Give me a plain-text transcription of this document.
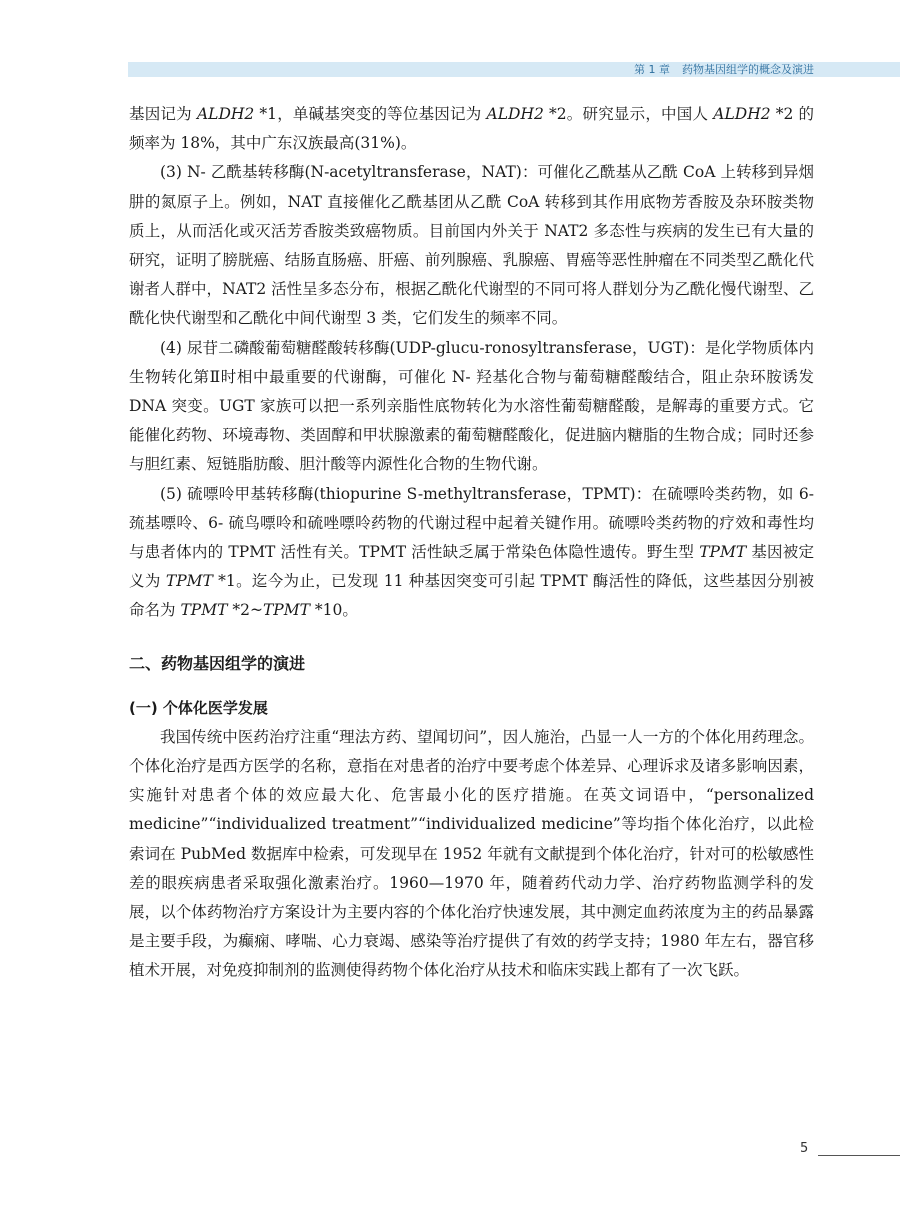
第 1 章 药物基因组学的概念及演进

基因记为 ALDH2 *1，单碱基突变的等位基因记为 ALDH2 *2。研究显示，中国人 ALDH2 *2 的频率为 18%，其中广东汉族最高(31%)。

(3) N- 乙酰基转移酶(N-acetyltransferase，NAT)：可催化乙酰基从乙酰 CoA 上转移到异烟肼的氮原子上。例如，NAT 直接催化乙酰基团从乙酰 CoA 转移到其作用底物芳香胺及杂环胺类物质上，从而活化或灭活芳香胺类致癌物质。目前国内外关于 NAT2 多态性与疾病的发生已有大量的研究，证明了膀胱癌、结肠直肠癌、肝癌、前列腺癌、乳腺癌、胃癌等恶性肿瘤在不同类型乙酰化代谢者人群中，NAT2 活性呈多态分布，根据乙酰化代谢型的不同可将人群划分为乙酰化慢代谢型、乙酰化快代谢型和乙酰化中间代谢型 3 类，它们发生的频率不同。

(4) 尿苷二磷酸葡萄糖醛酸转移酶(UDP-glucu-ronosyltransferase，UGT)：是化学物质体内生物转化第Ⅱ时相中最重要的代谢酶，可催化 N- 羟基化合物与葡萄糖醛酸结合，阻止杂环胺诱发 DNA 突变。UGT 家族可以把一系列亲脂性底物转化为水溶性葡萄糖醛酸，是解毒的重要方式。它能催化药物、环境毒物、类固醇和甲状腺激素的葡萄糖醛酸化，促进脑内糖脂的生物合成；同时还参与胆红素、短链脂肪酸、胆汁酸等内源性化合物的生物代谢。

(5) 硫嘌呤甲基转移酶(thiopurine S-methyltransferase，TPMT)：在硫嘌呤类药物，如 6- 巯基嘌呤、6- 硫鸟嘌呤和硫唑嘌呤药物的代谢过程中起着关键作用。硫嘌呤类药物的疗效和毒性均与患者体内的 TPMT 活性有关。TPMT 活性缺乏属于常染色体隐性遗传。野生型 TPMT 基因被定义为 TPMT *1。迄今为止，已发现 11 种基因突变可引起 TPMT 酶活性的降低，这些基因分别被命名为 TPMT *2~TPMT *10。

二、药物基因组学的演进

(一) 个体化医学发展

我国传统中医药治疗注重“理法方药、望闻切问”，因人施治，凸显一人一方的个体化用药理念。个体化治疗是西方医学的名称，意指在对患者的治疗中要考虑个体差异、心理诉求及诸多影响因素，实施针对患者个体的效应最大化、危害最小化的医疗措施。在英文词语中，“personalized medicine”“individualized treatment”“individualized medicine”等均指个体化治疗，以此检索词在 PubMed 数据库中检索，可发现早在 1952 年就有文献提到个体化治疗，针对可的松敏感性差的眼疾病患者采取强化激素治疗。1960—1970 年，随着药代动力学、治疗药物监测学科的发展，以个体药物治疗方案设计为主要内容的个体化治疗快速发展，其中测定血药浓度为主的药品暴露是主要手段，为癫痫、哮喘、心力衰竭、感染等治疗提供了有效的药学支持；1980 年左右，器官移植术开展，对免疫抑制剂的监测使得药物个体化治疗从技术和临床实践上都有了一次飞跃。

5
